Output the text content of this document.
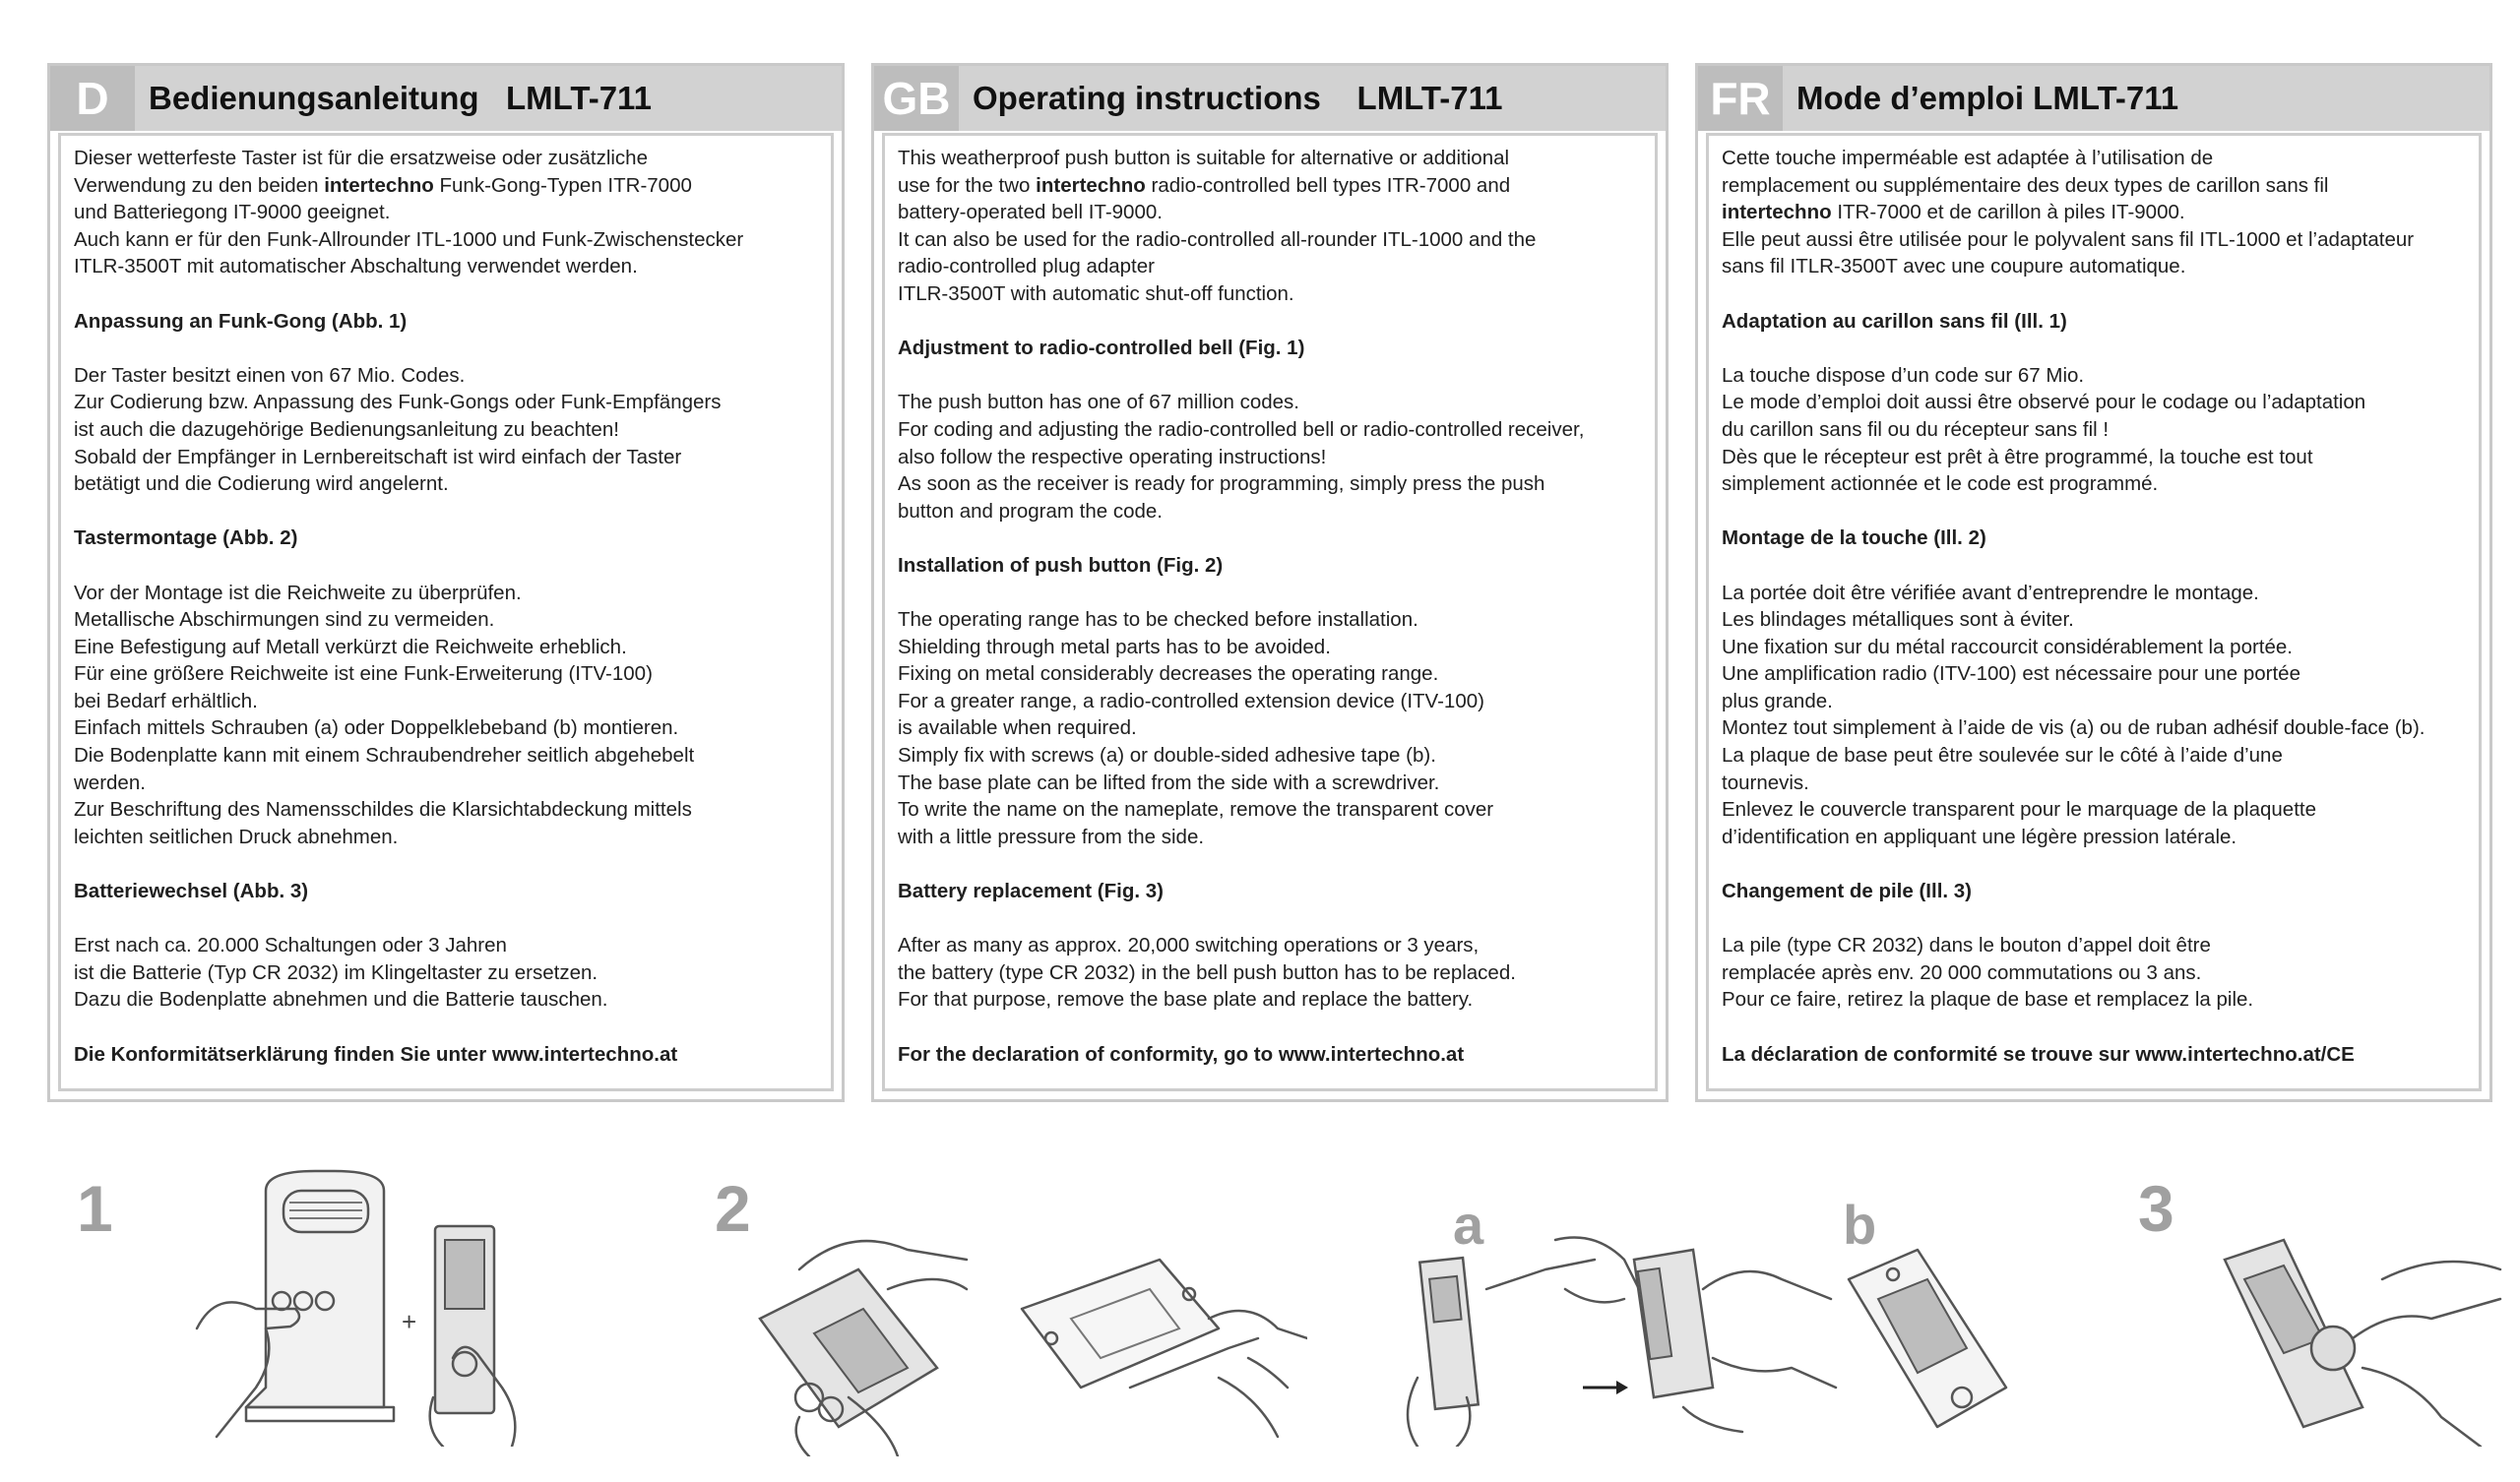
D	Bedienungsanleitung   LMLT-711

Dieser wetterfeste Taster ist für die ersatzweise oder zusätzliche

Verwendung zu den beiden intertechno Funk-Gong-Typen ITR-7000

und Batteriegong IT-9000 geeignet.

Auch kann er für den Funk-Allrounder ITL-1000 und Funk-Zwischenstecker

ITLR-3500T mit automatischer Abschaltung verwendet werden.

Anpassung an Funk-Gong (Abb. 1)

Der Taster besitzt einen von 67 Mio. Codes.

Zur Codierung bzw. Anpassung des Funk-Gongs oder Funk-Empfängers

ist auch die dazugehörige Bedienungsanleitung zu beachten!

Sobald der Empfänger in Lernbereitschaft ist wird einfach der Taster

betätigt und die Codierung wird angelernt.

Tastermontage (Abb. 2)

Vor der Montage ist die Reichweite zu überprüfen.

Metallische Abschirmungen sind zu vermeiden.

Eine Befestigung auf Metall verkürzt die Reichweite erheblich.

Für eine größere Reichweite ist eine Funk-Erweiterung (ITV-100)

bei Bedarf erhältlich.

Einfach mittels Schrauben (a) oder Doppelklebeband (b) montieren.

Die Bodenplatte kann mit einem Schraubendreher seitlich abgehebelt

werden.

Zur Beschriftung des Namensschildes die Klarsichtabdeckung mittels

leichten seitlichen Druck abnehmen.

Batteriewechsel (Abb. 3)

Erst nach ca. 20.000 Schaltungen oder 3 Jahren

ist die Batterie (Typ CR 2032) im Klingeltaster zu ersetzen.

Dazu die Bodenplatte abnehmen und die Batterie tauschen.

Die Konformitätserklärung finden Sie unter www.intertechno.at

GB Operating instructions    LMLT-711

This weatherproof push button is suitable for alternative or additional

use for the two intertechno radio-controlled bell types ITR-7000 and

battery-operated bell IT-9000.

It can also be used for the radio-controlled all-rounder ITL-1000 and the

radio-controlled plug adapter

ITLR-3500T with automatic shut-off function.

Adjustment to radio-controlled bell (Fig. 1)

The push button has one of 67 million codes.

For coding and adjusting the radio-controlled bell or radio-controlled receiver,

also follow the respective operating instructions!

As soon as the receiver is ready for programming, simply press the push

button and program the code.

Installation of push button (Fig. 2)

The operating range has to be checked before installation.

Shielding through metal parts has to be avoided.

Fixing on metal considerably decreases the operating range.

For a greater range, a radio-controlled extension device (ITV-100)

is available when required.

Simply fix with screws (a) or double-sided adhesive tape (b).

The base plate can be lifted from the side with a screwdriver.

To write the name on the nameplate, remove the transparent cover

with a little pressure from the side.

Battery replacement (Fig. 3)

After as many as approx. 20,000 switching operations or 3 years,

the battery (type CR 2032) in the bell push button has to be replaced.

For that purpose, remove the base plate and replace the battery.

For the declaration of conformity, go to www.intertechno.at

FR Mode d’emploi LMLT-711

Cette touche imperméable est adaptée à l’utilisation de

remplacement ou supplémentaire des deux types de carillon sans fil

intertechno ITR-7000 et de carillon à piles IT-9000.

Elle peut aussi être utilisée pour le polyvalent sans fil ITL-1000 et l’adaptateur

sans fil ITLR-3500T avec une coupure automatique.

Adaptation au carillon sans fil (Ill. 1)

La touche dispose d’un code sur 67 Mio.

Le mode d’emploi doit aussi être observé pour le codage ou l’adaptation

du carillon sans fil ou du récepteur sans fil !

Dès que le récepteur est prêt à être programmé, la touche est tout

simplement actionnée et le code est programmé.

Montage de la touche (Ill. 2)

La portée doit être vérifiée avant d’entreprendre le montage.

Les blindages métalliques sont à éviter.

Une fixation sur du métal raccourcit considérablement la portée.

Une amplification radio (ITV-100) est nécessaire pour une portée

plus grande.

Montez tout simplement à l’aide de vis (a) ou de ruban adhésif double-face (b).

La plaque de base peut être soulevée sur le côté à l’aide d’une

tournevis.

Enlevez le couvercle transparent pour le marquage de la plaquette

d’identification en appliquant une légère pression latérale.

Changement de pile (Ill. 3)

La pile (type CR 2032) dans le bouton d’appel doit être

remplacée après env. 20 000 commutations ou 3 ans.

Pour ce faire, retirez la plaque de base et remplacez la pile.

La déclaration de conformité se trouve sur www.intertechno.at/CE

1	2	a	b	3
+
